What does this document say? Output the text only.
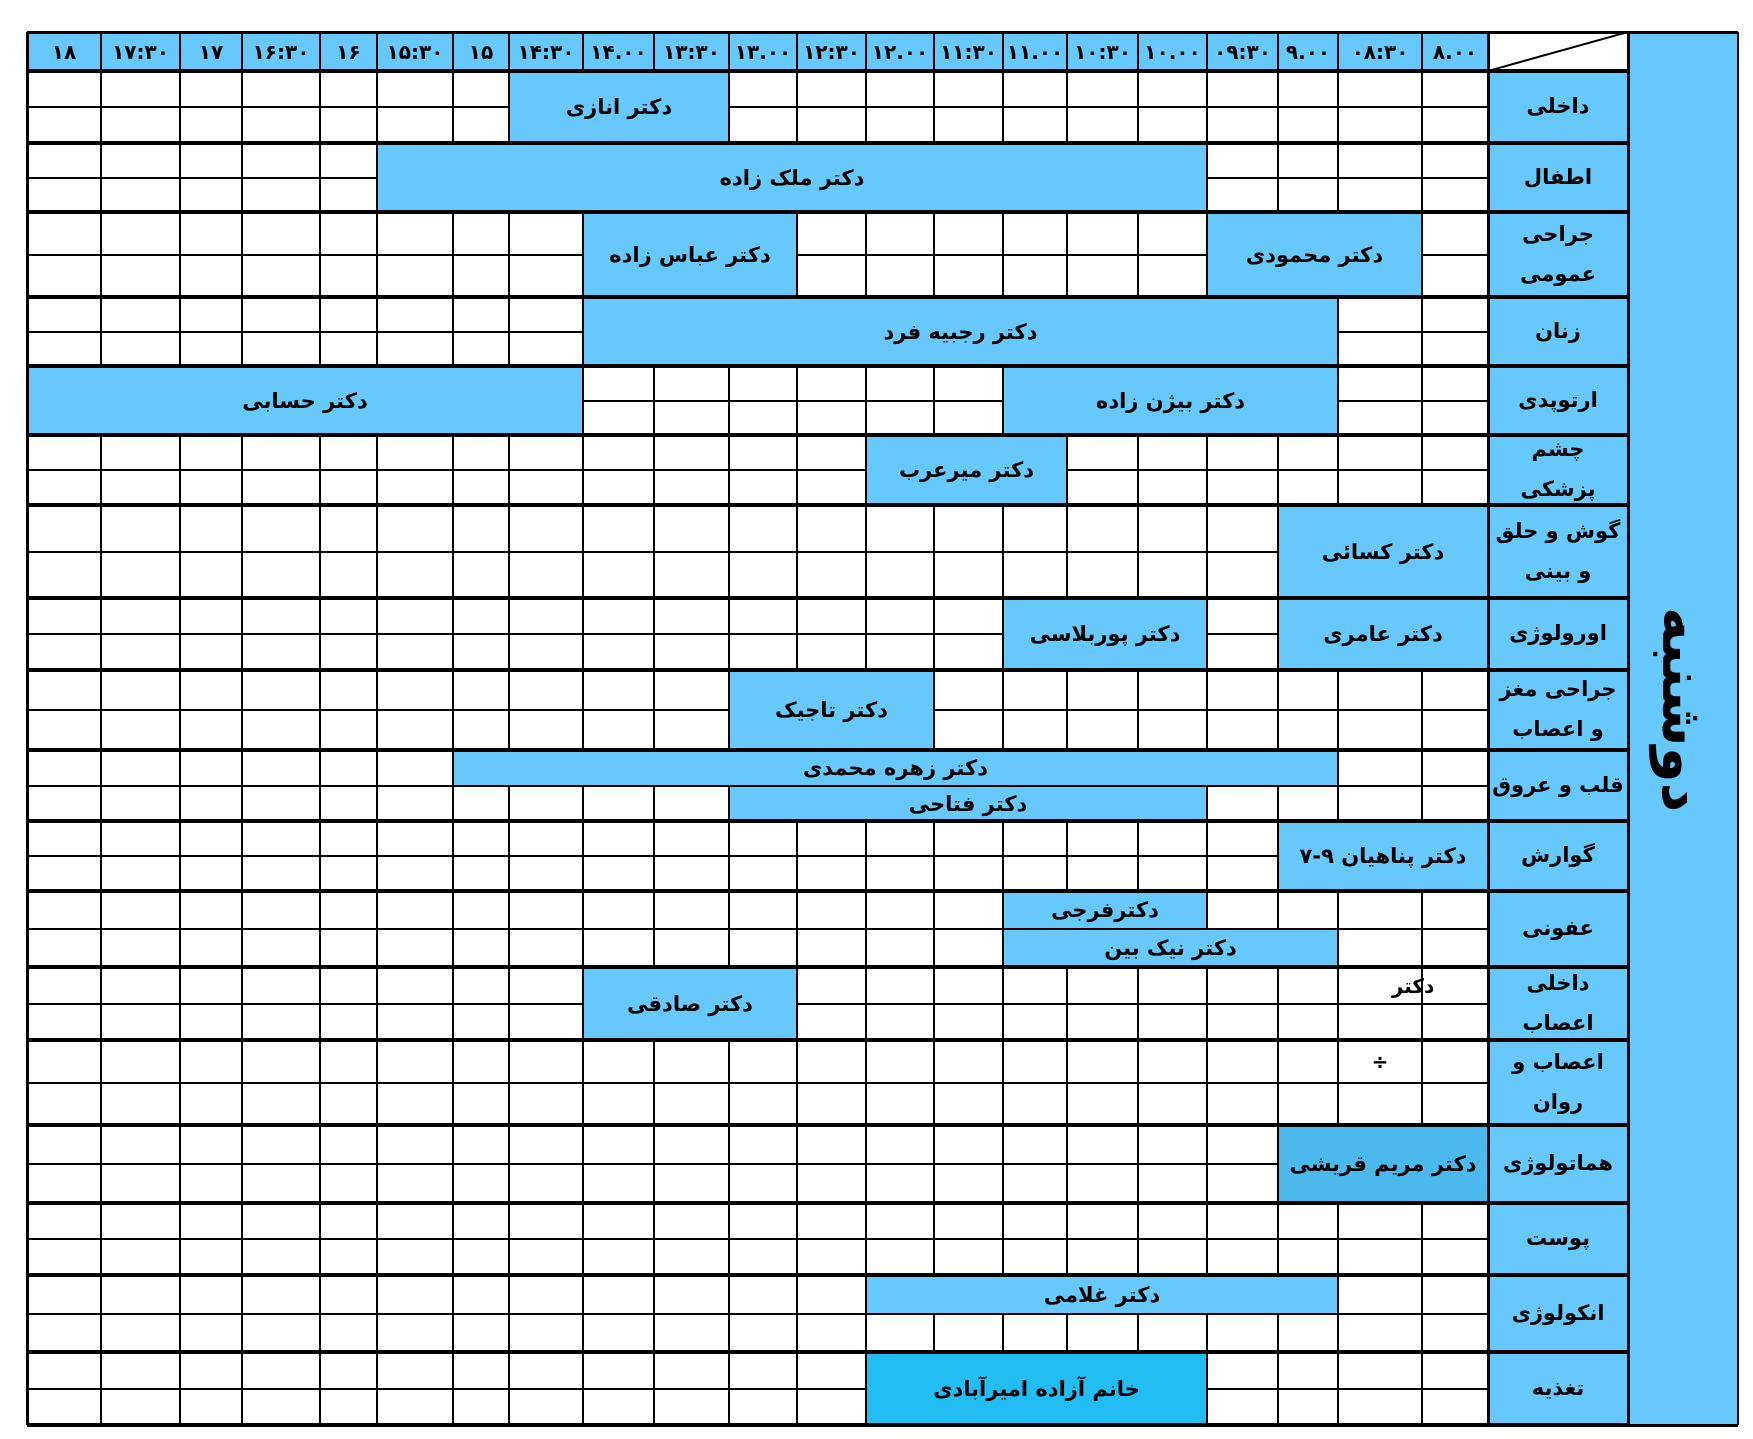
۸.۰۰
۰۸:۳۰
۹.۰۰
۰۹:۳۰
۱۰.۰۰
۱۰:۳۰
۱۱.۰۰
۱۱:۳۰
۱۲.۰۰
۱۲:۳۰
۱۳.۰۰
۱۳:۳۰
۱۴.۰۰
۱۴:۳۰
۱۵
۱۵:۳۰
۱۶
۱۶:۳۰
۱۷
۱۷:۳۰
۱۸
دوشنبه
داخلی
دکتر انازی
اطفال
دکتر ملک زاده
جراحی عمومی
دکتر محمودی
دکتر عباس زاده
زنان
دکتر رجبیه فرد
ارتوپدی
دکتر بیژن زاده
دکتر حسابی
چشم پزشکی
دکتر میرعرب
گوش و حلق و بینی
دکتر کسائی
اورولوژی
دکتر عامری
دکتر پوربلاسی
جراحی مغز و اعصاب
دکتر تاجیک
قلب و عروق
دکتر زهره محمدی
دکتر فتاحی
گوارش
دکتر پناهیان ۹-۷
عفونی
دکترفرجی
دکتر نیک بین
داخلی اعصاب
دکتر صادقی
اعصاب و روان
هماتولوژی
دکتر مریم قریشی
پوست
انکولوژی
دکتر غلامی
تغذیه
خانم آزاده امیرآبادی
دکتر
÷
